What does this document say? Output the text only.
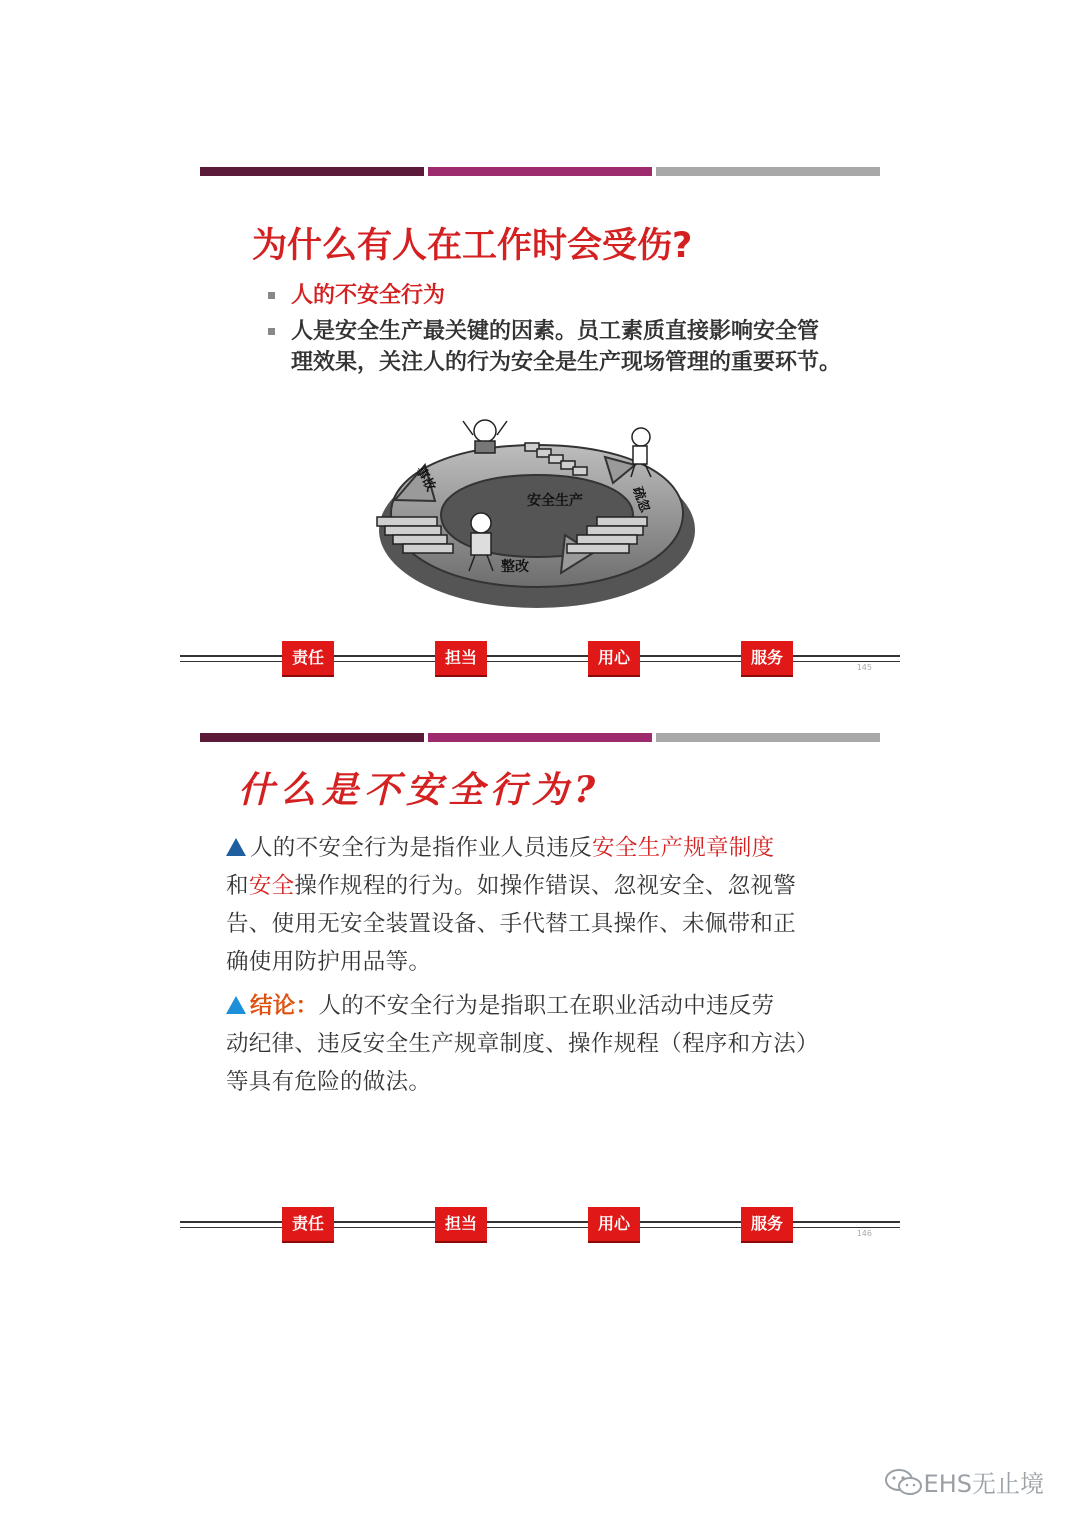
为什么有人在工作时会受伤?
人的不安全行为
人是安全生产最关键的因素。员工素质直接影响安全管
理效果，关注人的行为安全是生产现场管理的重要环节。
安全生产
事故
疏忽
整改
责任	担当	用心	服务
145
什么是不安全行为?
人的不安全行为是指作业人员违反安全生产规章制度
和安全操作规程的行为。如操作错误、忽视安全、忽视警
告、使用无安全装置设备、手代替工具操作、未佩带和正
确使用防护用品等。
结论：人的不安全行为是指职工在职业活动中违反劳
动纪律、违反安全生产规章制度、操作规程（程序和方法）
等具有危险的做法。
责任	担当	用心	服务
146
EHS无止境
